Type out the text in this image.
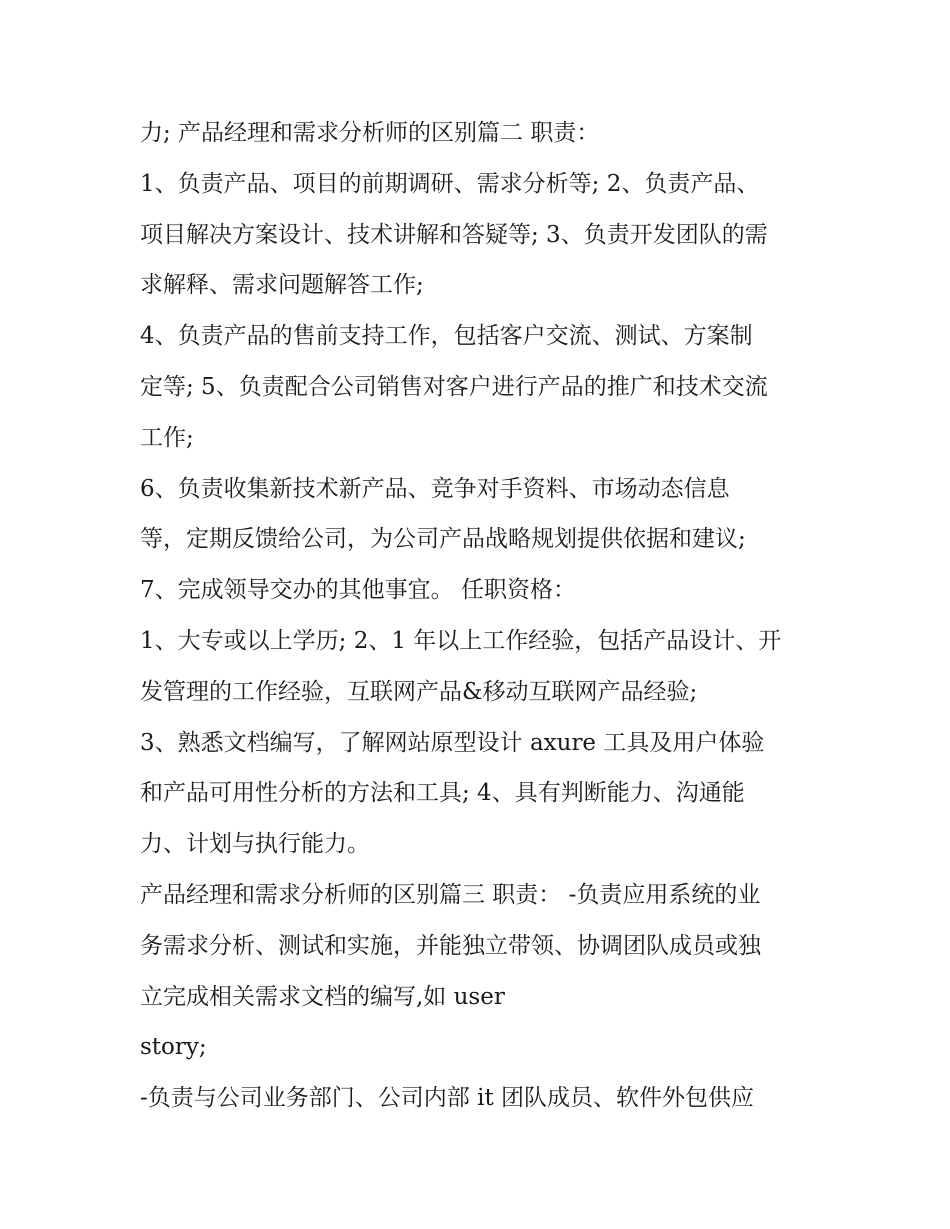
力; 产品经理和需求分析师的区别篇二 职责：
1、负责产品、项目的前期调研、需求分析等; 2、负责产品、
项目解决方案设计、技术讲解和答疑等; 3、负责开发团队的需
求解释、需求问题解答工作;
4、负责产品的售前支持工作，包括客户交流、测试、方案制
定等; 5、负责配合公司销售对客户进行产品的推广和技术交流
工作;
6、负责收集新技术新产品、竞争对手资料、市场动态信息
等，定期反馈给公司，为公司产品战略规划提供依据和建议;
7、完成领导交办的其他事宜。 任职资格：
1、大专或以上学历; 2、1 年以上工作经验，包括产品设计、开
发管理的工作经验，互联网产品&移动互联网产品经验;
3、熟悉文档编写，了解网站原型设计 axure 工具及用户体验
和产品可用性分析的方法和工具; 4、具有判断能力、沟通能
力、计划与执行能力。
产品经理和需求分析师的区别篇三 职责： -负责应用系统的业
务需求分析、测试和实施，并能独立带领、协调团队成员或独
立完成相关需求文档的编写,如 user
story;
-负责与公司业务部门、公司内部 it 团队成员、软件外包供应
